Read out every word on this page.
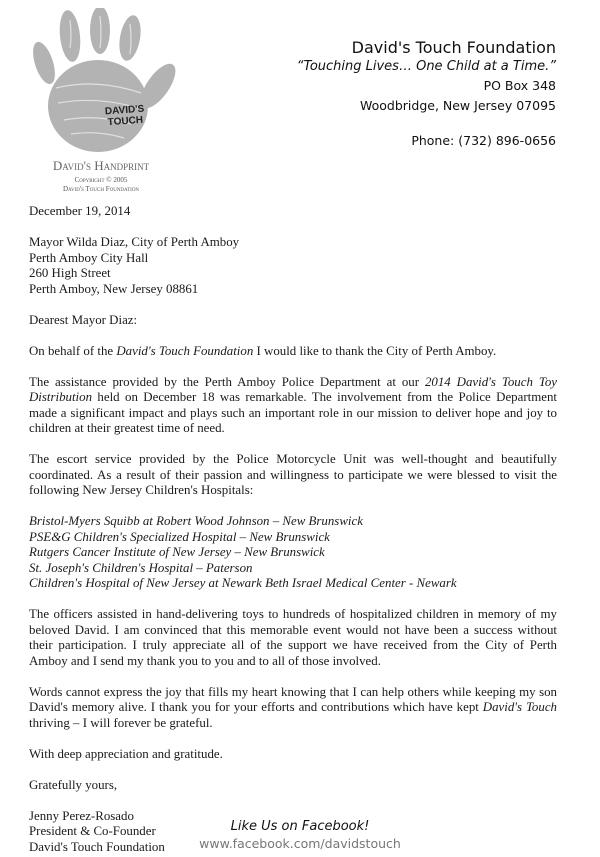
DAVID'S
TOUCH
David's Handprint
Copyright © 2005
David's Touch Foundation
David's Touch Foundation
“Touching Lives… One Child at a Time.”
PO Box 348
Woodbridge, New Jersey 07095
Phone: (732) 896-0656

December 19, 2014

Mayor Wilda Diaz, City of Perth Amboy

Perth Amboy City Hall

260 High Street

Perth Amboy, New Jersey 08861

Dearest Mayor Diaz:

On behalf of the David's Touch Foundation I would like to thank the City of Perth Amboy.

The assistance provided by the Perth Amboy Police Department at our 2014 David's Touch Toy Distribution held on December 18 was remarkable. The involvement from the Police Department made a significant impact and plays such an important role in our mission to deliver hope and joy to children at their greatest time of need.

The escort service provided by the Police Motorcycle Unit was well-thought and beautifully coordinated. As a result of their passion and willingness to participate we were blessed to visit the following New Jersey Children's Hospitals:

Bristol-Myers Squibb at Robert Wood Johnson – New Brunswick

PSE&G Children's Specialized Hospital – New Brunswick

Rutgers Cancer Institute of New Jersey – New Brunswick

St. Joseph's Children's Hospital – Paterson

Children's Hospital of New Jersey at Newark Beth Israel Medical Center - Newark

The officers assisted in hand-delivering toys to hundreds of hospitalized children in memory of my beloved David. I am convinced that this memorable event would not have been a success without their participation. I truly appreciate all of the support we have received from the City of Perth Amboy and I send my thank you to you and to all of those involved.

Words cannot express the joy that fills my heart knowing that I can help others while keeping my son David's memory alive. I thank you for your efforts and contributions which have kept David's Touch thriving – I will forever be grateful.

With deep appreciation and gratitude.

Gratefully yours,

Jenny Perez-Rosado

President & Co-Founder

David's Touch Foundation

Like Us on Facebook!
www.facebook.com/davidstouch
